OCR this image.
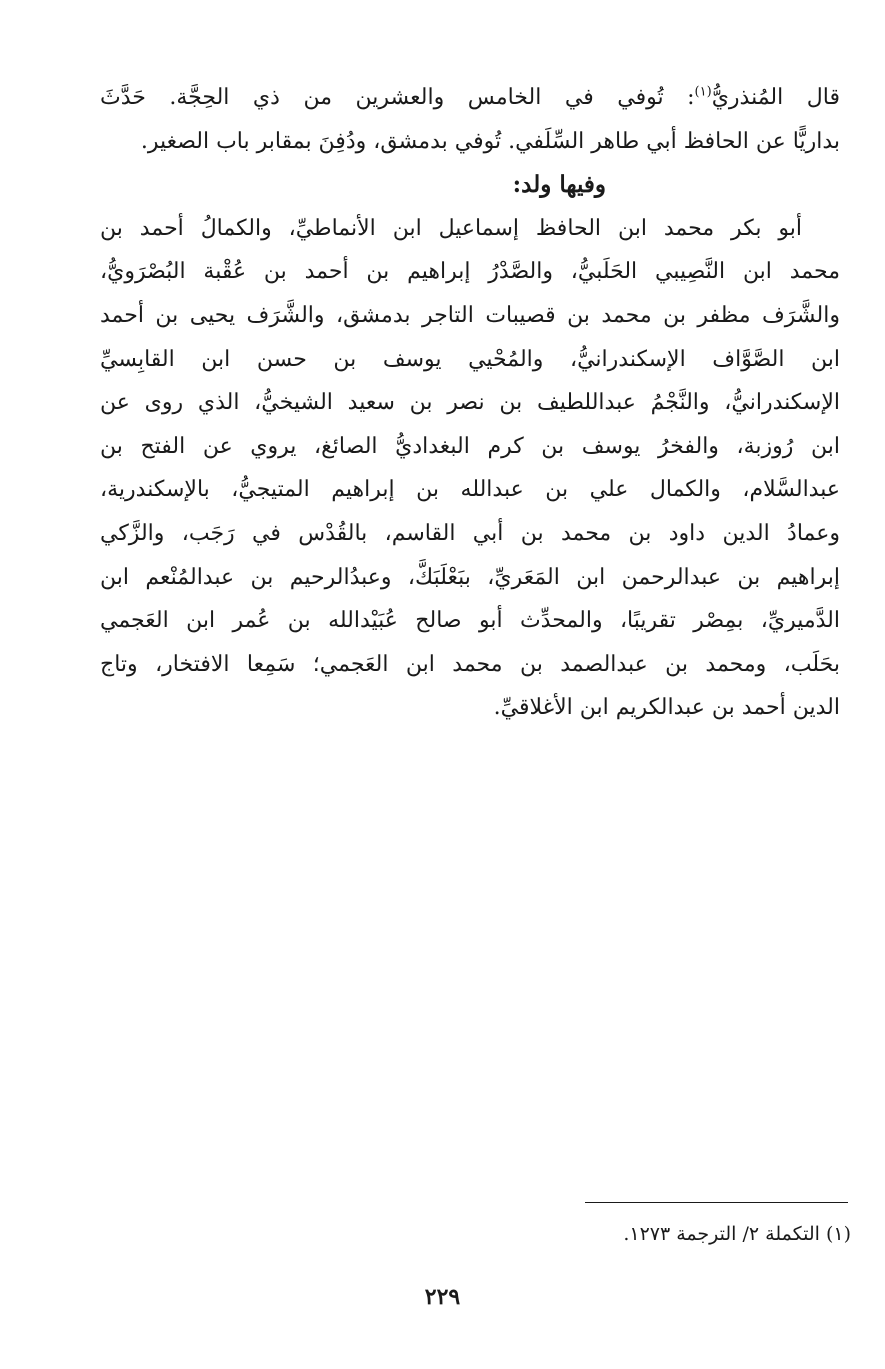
قال المُنذريُّ$^{(١)}$: تُوفي في الخامس والعشرين من ذي الحِجَّة. حَدَّثَ
بداريًّا عن الحافظ أبي طاهر السِّلَفي. تُوفي بدمشق، ودُفِنَ بمقابر باب الصغير.
وفيها ولد:
أبو بكر محمد ابن الحافظ إسماعيل ابن الأنماطيِّ، والكمالُ أحمد بن
محمد ابن النَّصِيبي الحَلَبيُّ، والصَّدْرُ إبراهيم بن أحمد بن عُقْبة البُصْرَويُّ،
والشَّرَف مظفر بن محمد بن قصيبات التاجر بدمشق، والشَّرَف يحيى بن أحمد
ابن الصَّوَّاف الإسكندرانيُّ، والمُحْيي يوسف بن حسن ابن القابِسيِّ
الإسكندرانيُّ، والنَّجْمُ عبداللطيف بن نصر بن سعيد الشيخيُّ، الذي روى عن
ابن رُوزبة، والفخرُ يوسف بن كرم البغداديُّ الصائغ، يروي عن الفتح بن
عبدالسَّلام، والكمال علي بن عبدالله بن إبراهيم المتيجيُّ، بالإسكندرية،
وعمادُ الدين داود بن محمد بن أبي القاسم، بالقُدْس في رَجَب، والزَّكي
إبراهيم بن عبدالرحمن ابن المَعَريِّ، ببَعْلَبَكَّ، وعبدُالرحيم بن عبدالمُنْعم ابن
الدَّميريِّ، بمِصْر تقريبًا، والمحدِّث أبو صالح عُبَيْدالله بن عُمر ابن العَجمي
بحَلَب، ومحمد بن عبدالصمد بن محمد ابن العَجمي؛ سَمِعا الافتخار، وتاج
الدين أحمد بن عبدالكريم ابن الأغلاقيِّ.
(١) التكملة ٢/ الترجمة ١٢٧٣.
٢٢٩
